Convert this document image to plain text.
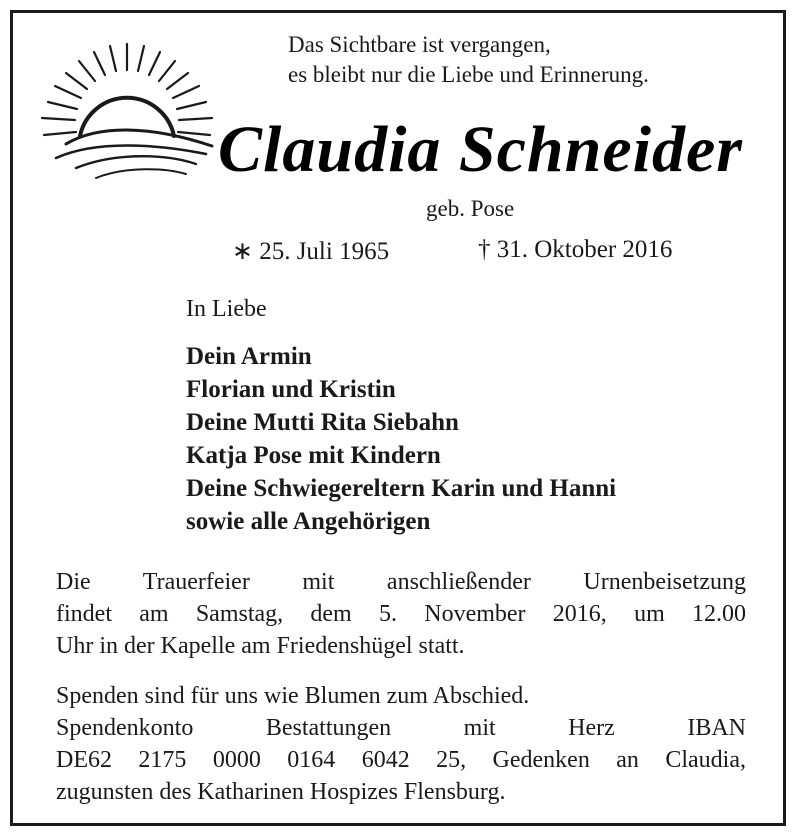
Das Sichtbare ist vergangen,
es bleibt nur die Liebe und Erinnerung.
Claudia Schneider
geb. Pose
∗ 25. Juli 1965	† 31. Oktober 2016
In Liebe
Dein Armin
Florian und Kristin
Deine Mutti Rita Siebahn
Katja Pose mit Kindern
Deine Schwiegereltern Karin und Hanni
sowie alle Angehörigen
Die Trauerfeier mit anschließender Urnenbeisetzung
findet am Samstag, dem 5. November 2016, um 12.00
Uhr in der Kapelle am Friedenshügel statt.
Spenden sind für uns wie Blumen zum Abschied.
Spendenkonto Bestattungen mit Herz IBAN
DE62 2175 0000 0164 6042 25, Gedenken an Claudia,
zugunsten des Katharinen Hospizes Flensburg.
